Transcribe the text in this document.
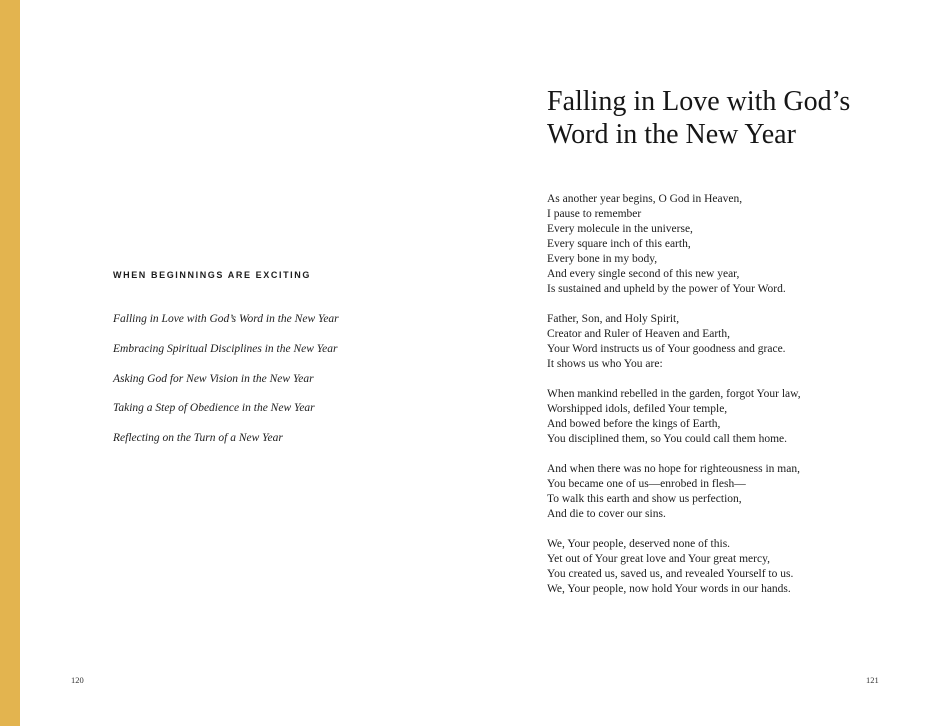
WHEN BEGINNINGS ARE EXCITING
Falling in Love with God’s Word in the New Year
Embracing Spiritual Disciplines in the New Year
Asking God for New Vision in the New Year
Taking a Step of Obedience in the New Year
Reflecting on the Turn of a New Year
120
Falling in Love with God’s
Word in the New Year
As another year begins, O God in Heaven,
I pause to remember
Every molecule in the universe,
Every square inch of this earth,
Every bone in my body,
And every single second of this new year,
Is sustained and upheld by the power of Your Word.
Father, Son, and Holy Spirit,
Creator and Ruler of Heaven and Earth,
Your Word instructs us of Your goodness and grace.
It shows us who You are:
When mankind rebelled in the garden, forgot Your law,
Worshipped idols, defiled Your temple,
And bowed before the kings of Earth,
You disciplined them, so You could call them home.
And when there was no hope for righteousness in man,
You became one of us—enrobed in flesh—
To walk this earth and show us perfection,
And die to cover our sins.
We, Your people, deserved none of this.
Yet out of Your great love and Your great mercy,
You created us, saved us, and revealed Yourself to us.
We, Your people, now hold Your words in our hands.
121
